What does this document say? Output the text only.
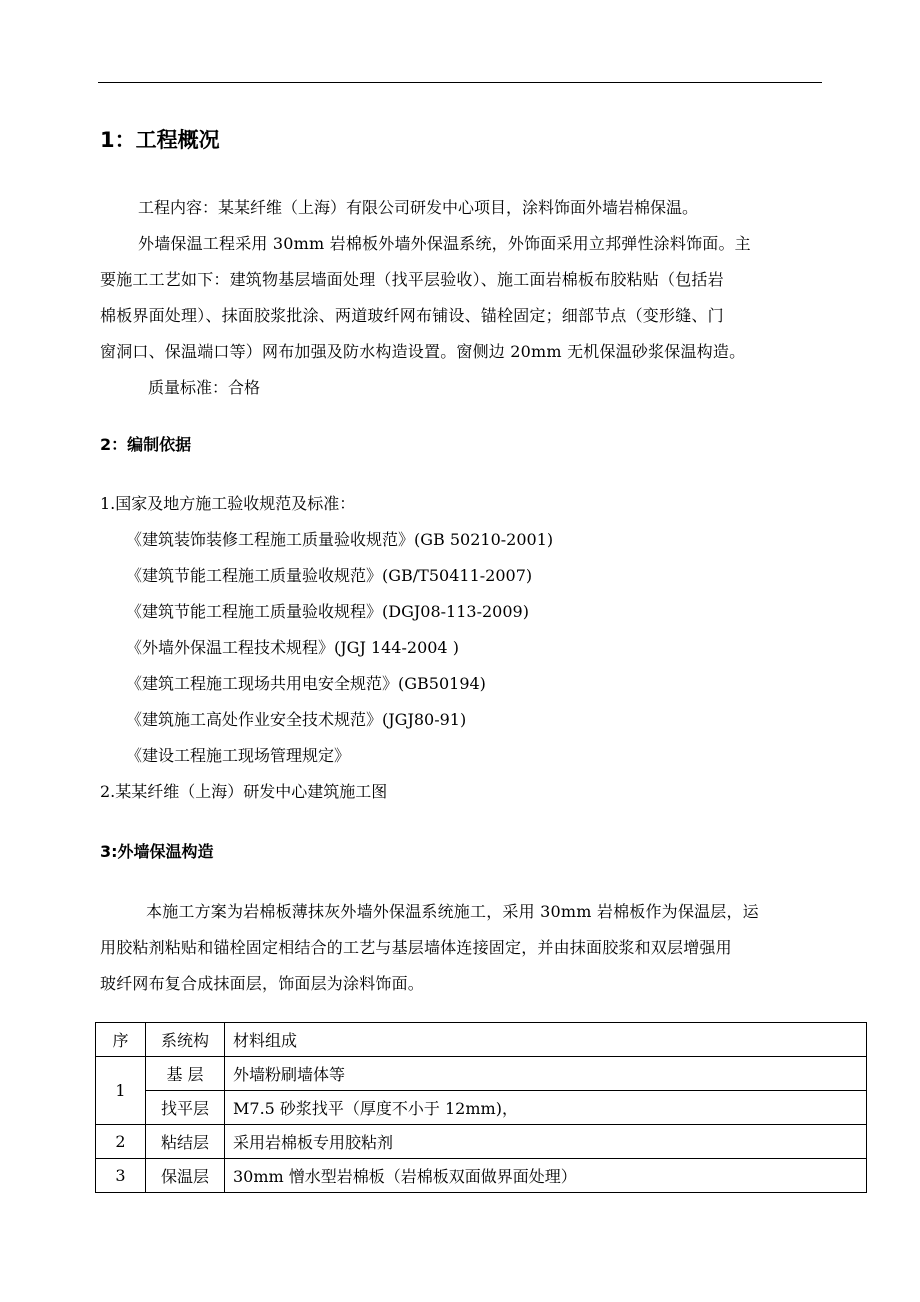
1：工程概况
工程内容：某某纤维（上海）有限公司研发中心项目，涂料饰面外墙岩棉保温。
外墙保温工程采用 30mm 岩棉板外墙外保温系统，外饰面采用立邦弹性涂料饰面。主
要施工工艺如下：建筑物基层墙面处理（找平层验收）、施工面岩棉板布胶粘贴（包括岩
棉板界面处理）、抹面胶浆批涂、两道玻纤网布铺设、锚栓固定；细部节点（变形缝、门
窗洞口、保温端口等）网布加强及防水构造设置。窗侧边 20mm 无机保温砂浆保温构造。
质量标准：合格
2：编制依据
1.国家及地方施工验收规范及标准：
《建筑装饰装修工程施工质量验收规范》(GB 50210-2001)
《建筑节能工程施工质量验收规范》(GB/T50411-2007)
《建筑节能工程施工质量验收规程》(DGJ08-113-2009)
《外墙外保温工程技术规程》(JGJ 144-2004 )
《建筑工程施工现场共用电安全规范》(GB50194)
《建筑施工高处作业安全技术规范》(JGJ80-91)
《建设工程施工现场管理规定》
2.某某纤维（上海）研发中心建筑施工图
3:外墙保温构造
本施工方案为岩棉板薄抹灰外墙外保温系统施工，采用 30mm 岩棉板作为保温层，运
用胶粘剂粘贴和锚栓固定相结合的工艺与基层墙体连接固定，并由抹面胶浆和双层增强用
玻纤网布复合成抹面层，饰面层为涂料饰面。
序	系统构	材料组成
1	基 层	外墙粉刷墙体等
	找平层	M7.5 砂浆找平（厚度不小于 12mm)，
2	粘结层	采用岩棉板专用胶粘剂
3	保温层	30mm 憎水型岩棉板（岩棉板双面做界面处理）
